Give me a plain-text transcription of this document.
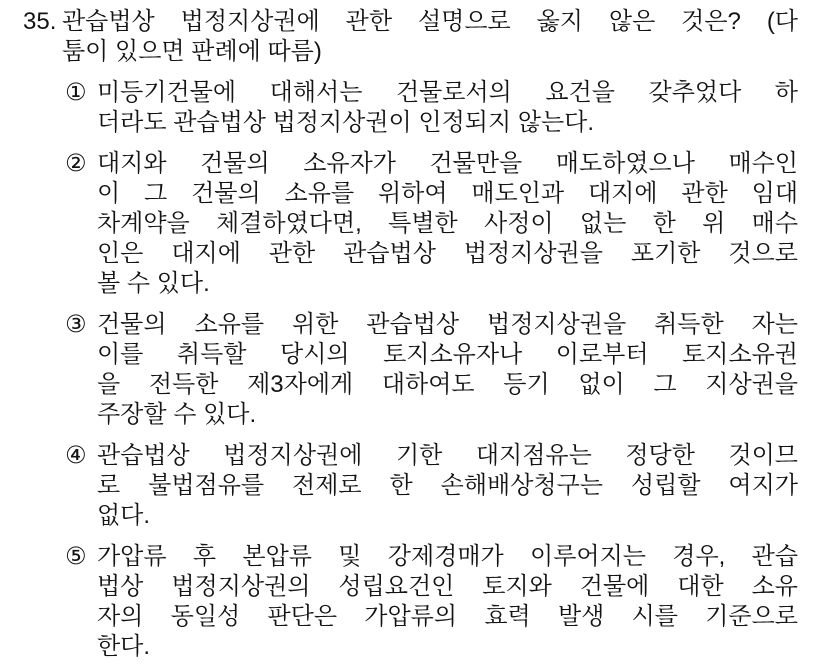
35. 관습법상 법정지상권에 관한 설명으로 옳지 않은 것은? (다
툼이 있으면 판례에 따름)
① 미등기건물에 대해서는 건물로서의 요건을 갖추었다 하
더라도 관습법상 법정지상권이 인정되지 않는다.
② 대지와 건물의 소유자가 건물만을 매도하였으나 매수인
이 그 건물의 소유를 위하여 매도인과 대지에 관한 임대
차계약을 체결하였다면, 특별한 사정이 없는 한 위 매수
인은 대지에 관한 관습법상 법정지상권을 포기한 것으로
볼 수 있다.
③ 건물의 소유를 위한 관습법상 법정지상권을 취득한 자는
이를 취득할 당시의 토지소유자나 이로부터 토지소유권
을 전득한 제3자에게 대하여도 등기 없이 그 지상권을
주장할 수 있다.
④ 관습법상 법정지상권에 기한 대지점유는 정당한 것이므
로 불법점유를 전제로 한 손해배상청구는 성립할 여지가
없다.
⑤ 가압류 후 본압류 및 강제경매가 이루어지는 경우, 관습
법상 법정지상권의 성립요건인 토지와 건물에 대한 소유
자의 동일성 판단은 가압류의 효력 발생 시를 기준으로
한다.
